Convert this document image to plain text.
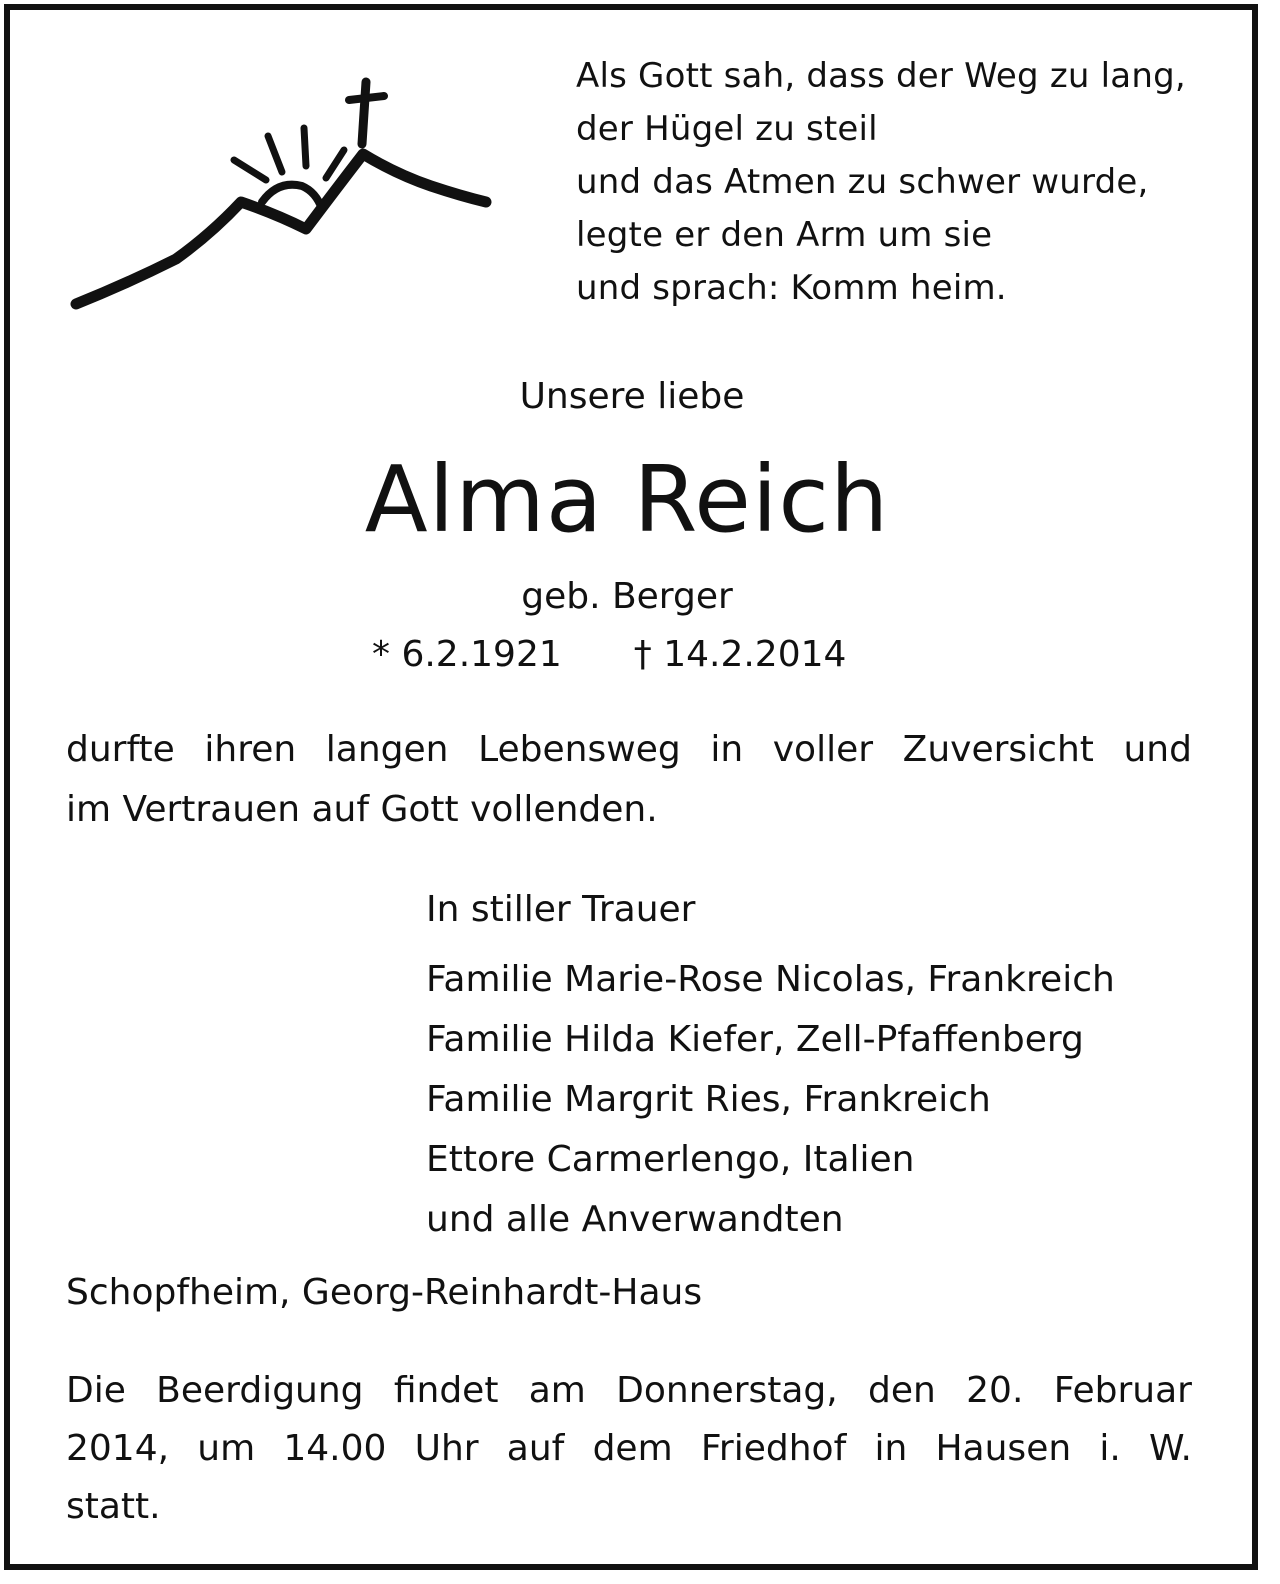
Als Gott sah, dass der Weg zu lang,
der Hügel zu steil
und das Atmen zu schwer wurde,
legte er den Arm um sie
und sprach: Komm heim.
Unsere liebe
Alma Reich
geb. Berger
* 6.2.1921 † 14.2.2014
durfte ihren langen Lebensweg in voller Zuversicht und
im Vertrauen auf Gott vollenden.
In stiller Trauer
Familie Marie-Rose Nicolas, Frankreich
Familie Hilda Kiefer, Zell-Pfaffenberg
Familie Margrit Ries, Frankreich
Ettore Carmerlengo, Italien
und alle Anverwandten
Schopfheim, Georg-Reinhardt-Haus
Die Beerdigung findet am Donnerstag, den 20. Februar
2014, um 14.00 Uhr auf dem Friedhof in Hausen i. W.
statt.
